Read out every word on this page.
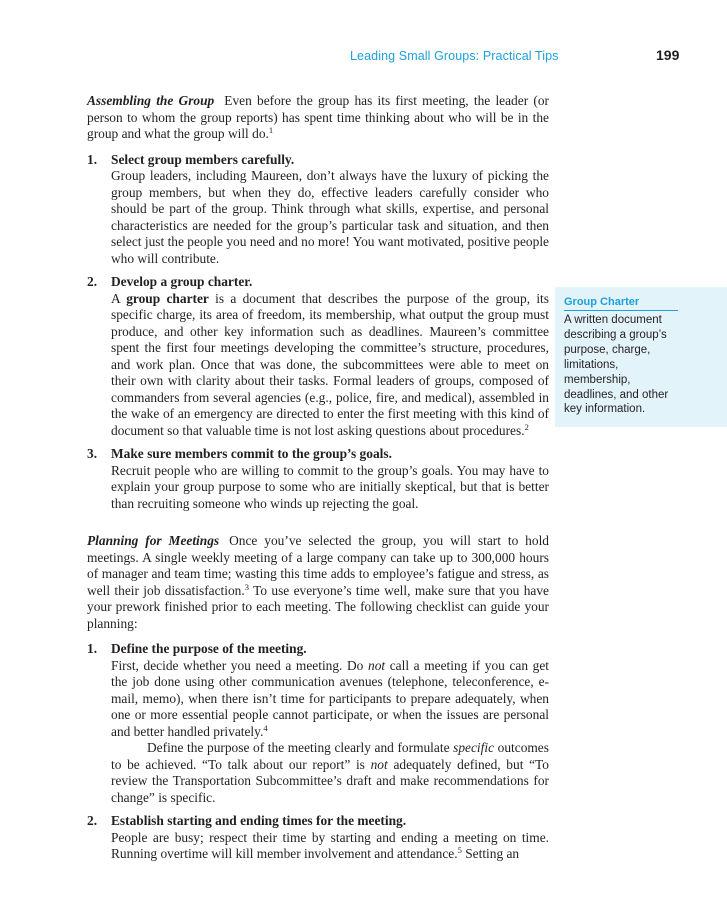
Leading Small Groups: Practical Tips	199
Group Charter
A written document describing a group’s purpose, charge, limitations, membership, deadlines, and other key information.

Assembling the Group Even before the group has its first meeting, the leader (or person to whom the group reports) has spent time thinking about who will be in the group and what the group will do.$^1$

1. Select group members carefully.
Group leaders, including Maureen, don’t always have the luxury of picking the group members, but when they do, effective leaders carefully consider who should be part of the group. Think through what skills, expertise, and personal characteristics are needed for the group’s particular task and situation, and then select just the people you need and no more! You want motivated, positive people who will contribute.
2. Develop a group charter.
A group charter is a document that describes the purpose of the group, its specific charge, its area of freedom, its membership, what output the group must produce, and other key information such as deadlines. Maureen’s committee spent the first four meetings developing the committee’s structure, procedures, and work plan. Once that was done, the subcommittees were able to meet on their own with clarity about their tasks. Formal leaders of groups, composed of commanders from several agencies (e.g., police, fire, and medical), assembled in the wake of an emergency are directed to enter the first meeting with this kind of document so that valuable time is not lost asking questions about procedures.$^2$
3. Make sure members commit to the group’s goals.
Recruit people who are willing to commit to the group’s goals. You may have to explain your group purpose to some who are initially skeptical, but that is better than recruiting someone who winds up rejecting the goal.

Planning for Meetings Once you’ve selected the group, you will start to hold meetings. A single weekly meeting of a large company can take up to 300,000 hours of manager and team time; wasting this time adds to employee’s fatigue and stress, as well their job dissatisfaction.$^3$ To use everyone’s time well, make sure that you have your prework finished prior to each meeting. The following checklist can guide your planning:

1. Define the purpose of the meeting.
First, decide whether you need a meeting. Do not call a meeting if you can get the job done using other communication avenues (telephone, teleconference, e-mail, memo), when there isn’t time for participants to prepare adequately, when one or more essential people cannot participate, or when the issues are personal and better handled privately.$^4$
Define the purpose of the meeting clearly and formulate specific outcomes to be achieved. “To talk about our report” is not adequately defined, but “To review the Transportation Subcommittee’s draft and make recommendations for change” is specific.
2. Establish starting and ending times for the meeting.
People are busy; respect their time by starting and ending a meeting on time. Running overtime will kill member involvement and attendance.$^5$ Setting an
